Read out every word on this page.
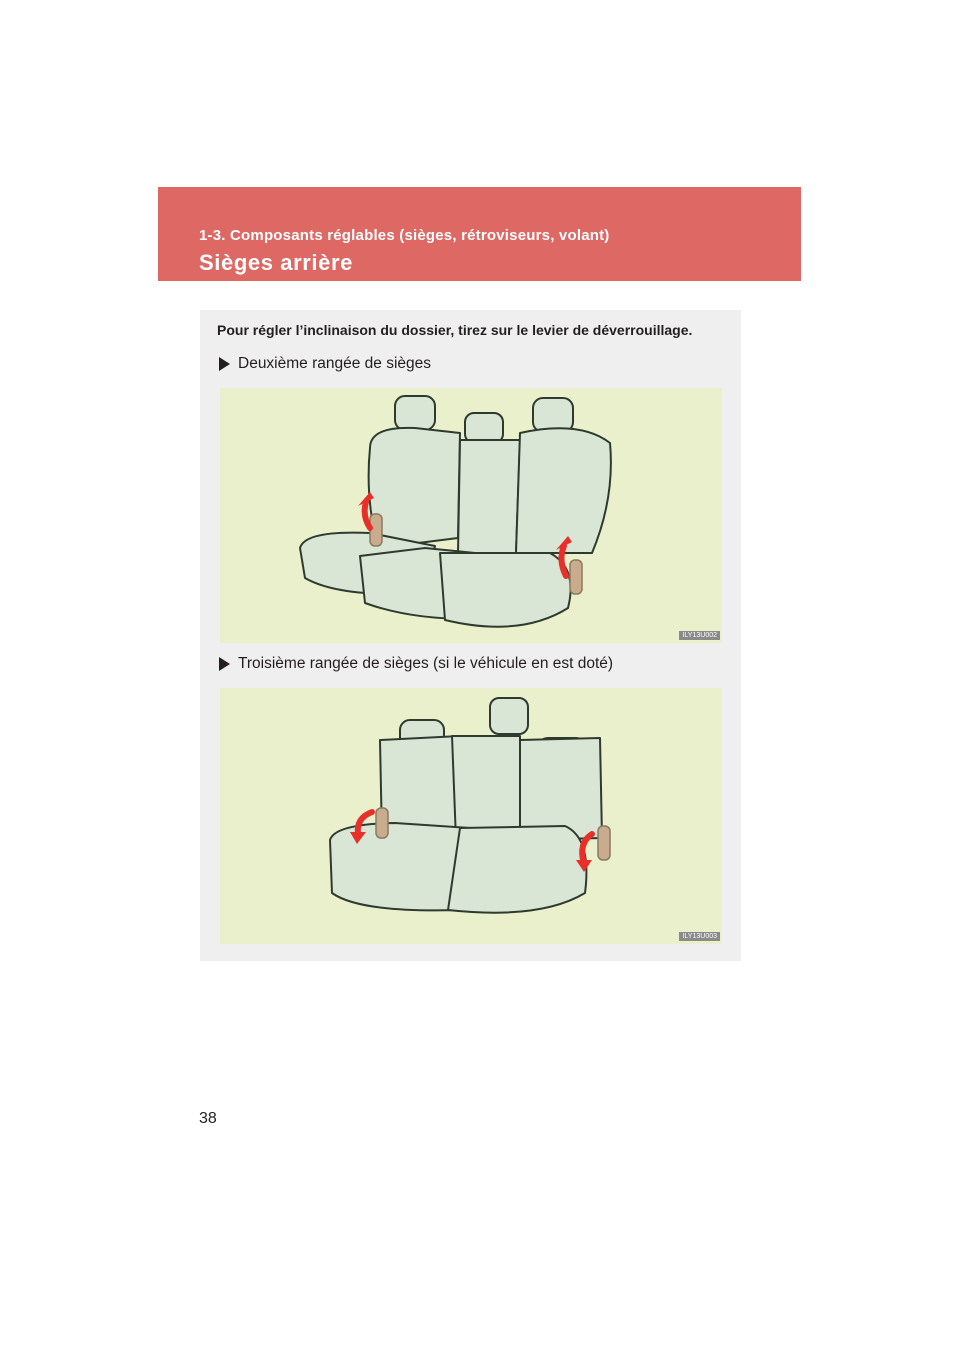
1-3. Composants réglables (sièges, rétroviseurs, volant)
Sièges arrière
Pour régler l’inclinaison du dossier, tirez sur le levier de déverrouillage.
Deuxième rangée de sièges
ILY13U002
Troisième rangée de sièges (si le véhicule en est doté)
ILY13U003
38
